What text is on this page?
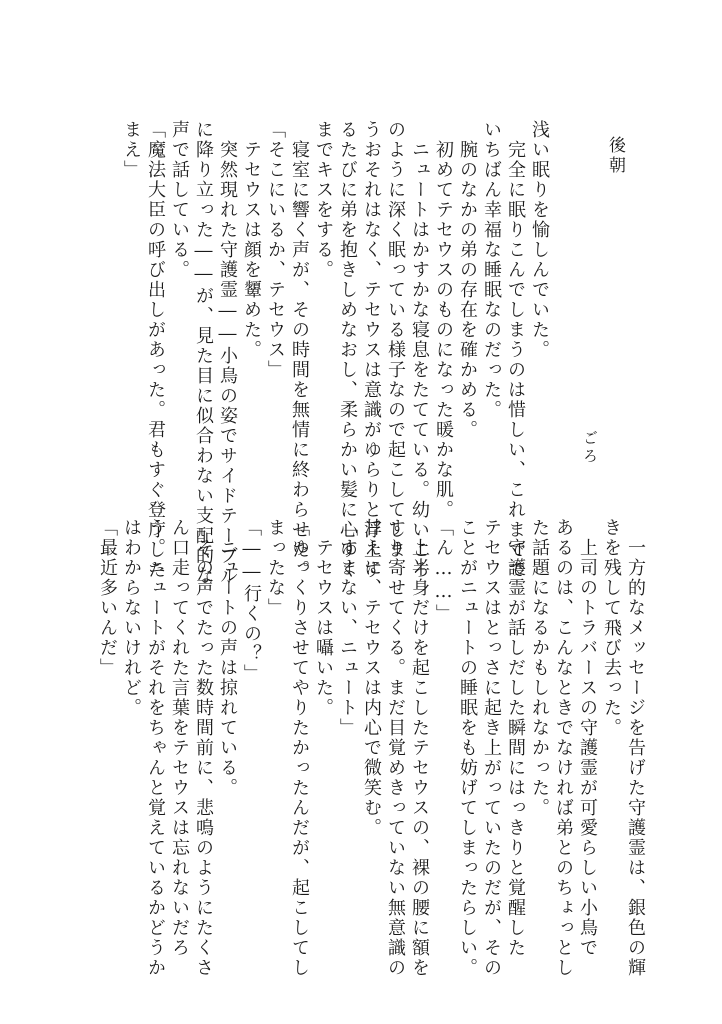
後朝
ごろ
浅い眠りを愉しんでいた。
　完全に眠りこんでしまうのは惜しい、これまでで
いちばん幸福な睡眠なのだった。
　腕のなかの弟の存在を確かめる。
　初めてテセウスのものになった暖かな肌。
　ニュートはかすかな寝息をたてている。幼いころ
のように深く眠っている様子なので起こしてしま
うおそれはなく、テセウスは意識がゆらりと浮上す
るたびに弟を抱きしめなおし、柔らかい髪に心ゆく
までキスをする。
　寝室に響く声が、その時間を無情に終わらせた。
「そこにいるか、テセウス」
　テセウスは顔を顰めた。
　突然現れた守護霊――小鳥の姿でサイドテーブル
に降り立った――が、見た目に似合わない支配的な
声で話している。
「魔法大臣の呼び出しがあった。君もすぐ登庁した
まえ」
　一方的なメッセージを告げた守護霊は、銀色の輝
きを残して飛び去った。
　上司のトラバースの守護霊が可愛らしい小鳥で
あるのは、こんなときでなければ弟とのちょっとし
た話題になるかもしれなかった。
　守護霊が話しだした瞬間にはっきりと覚醒した
テセウスはとっさに起き上がっていたのだが、その
ことがニュートの睡眠をも妨げてしまったらしい。
「ん……」
　上半身だけを起こしたテセウスの、裸の腰に額を
すり寄せてくる。まだ目覚めきっていない無意識の
甘えに、テセウスは内心で微笑む。
「すまない、ニュート」
　テセウスは囁いた。
「ゆっくりさせてやりたかったんだが、起こしてし
まったな」
「――行くの？」
　ニュートの声は掠れている。
　その声でたった数時間前に、悲鳴のようにたくさ
ん口走ってくれた言葉をテセウスは忘れないだろ
う。ニュートがそれをちゃんと覚えているかどうか
はわからないけれど。
「最近多いんだ」
